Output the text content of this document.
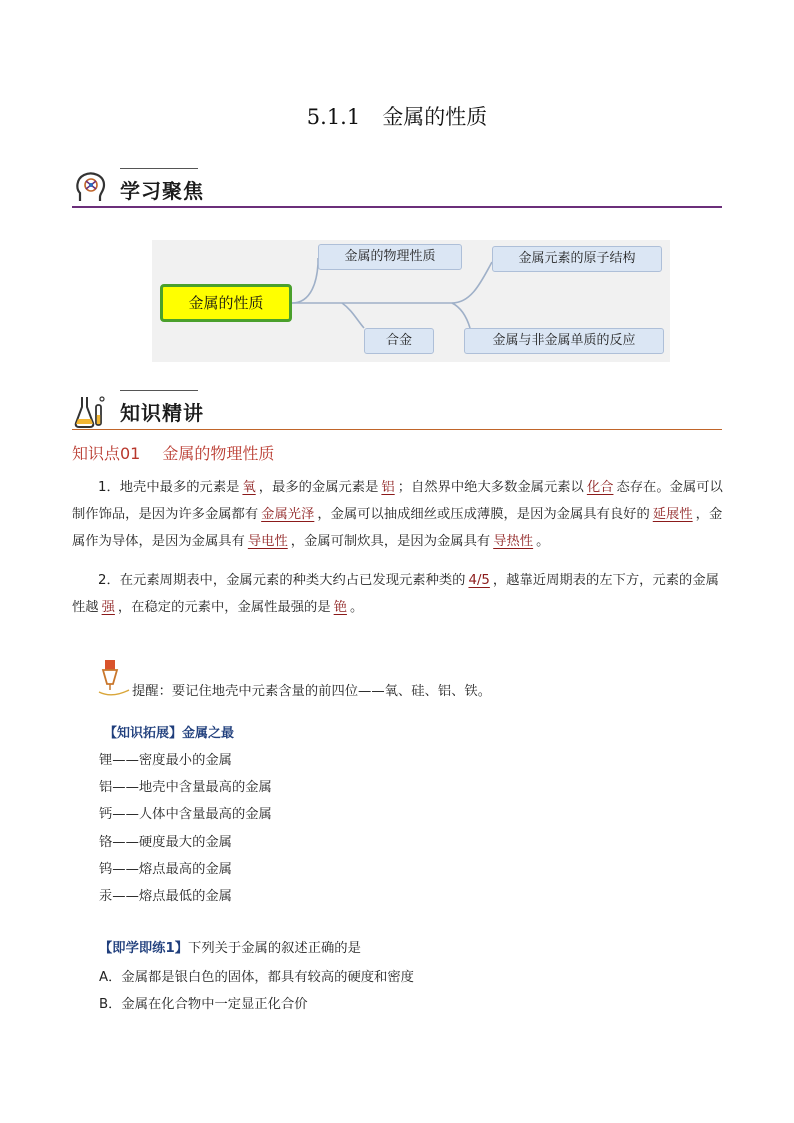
5.1.1 金属的性质
学习聚焦
金属的性质
金属的物理性质	金属元素的原子结构
合金	金属与非金属单质的反应
知识精讲
知识点01 金属的物理性质
1．地壳中最多的元素是 氧 ，最多的金属元素是 铝 ；自然界中绝大多数金属元素以 化合 态存在。金属可以制作饰品，是因为许多金属都有 金属光泽 ，金属可以抽成细丝或压成薄膜，是因为金属具有良好的 延展性 ，金属作为导体，是因为金属具有 导电性 ，金属可制炊具，是因为金属具有 导热性 。
2．在元素周期表中，金属元素的种类大约占已发现元素种类的 4/5 ，越靠近周期表的左下方，元素的金属性越 强 ，在稳定的元素中，金属性最强的是 铯 。
提醒：要记住地壳中元素含量的前四位——氧、硅、铝、铁。
【知识拓展】金属之最
锂——密度最小的金属
铝——地壳中含量最高的金属
钙——人体中含量最高的金属
铬——硬度最大的金属
钨——熔点最高的金属
汞——熔点最低的金属
【即学即练1】下列关于金属的叙述正确的是
A．金属都是银白色的固体，都具有较高的硬度和密度
B．金属在化合物中一定显正化合价
